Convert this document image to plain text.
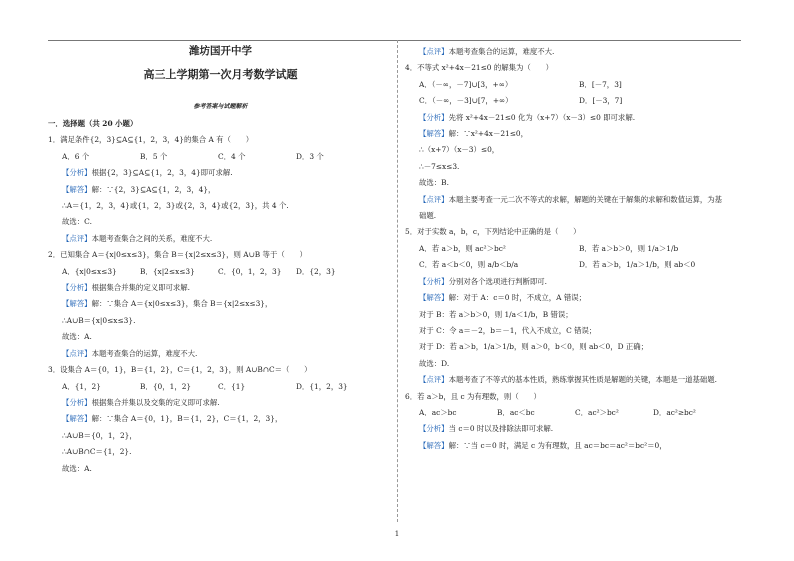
潍坊国开中学
高三上学期第一次月考数学试题
参考答案与试题解析
一．选择题（共 20 小题）
1．满足条件{2，3}⊆A⊆{1，2，3，4}的集合 A 有（　　）
A．6 个	B．5 个	C．4 个	D．3 个
【分析】根据{2，3}⊆A⊆{1，2，3，4}即可求解.
【解答】解：∵{2，3}⊆A⊆{1，2，3，4}，
∴A＝{1，2，3，4}或{1，2，3}或{2，3，4}或{2，3}，共 4 个.
故选：C.
【点评】本题考查集合之间的关系，难度不大.
2．已知集合 A＝{x|0≤x≤3}，集合 B＝{x|2≤x≤3}，则 A∪B 等于（　　）
A．{x|0≤x≤3}	B．{x|2≤x≤3}	C．{0，1，2，3}	D．{2，3}
【分析】根据集合并集的定义即可求解.
【解答】解：∵集合 A＝{x|0≤x≤3}，集合 B＝{x|2≤x≤3}，
∴A∪B＝{x|0≤x≤3}.
故选：A.
【点评】本题考查集合的运算，难度不大.
3．设集合 A＝{0，1}，B＝{1，2}，C＝{1，2，3}，则 A∪B∩C＝（　　）
A．{1，2}	B．{0，1，2}	C．{1}	D．{1，2，3}
【分析】根据集合并集以及交集的定义即可求解.
【解答】解：∵集合 A＝{0，1}，B＝{1，2}，C＝{1，2，3}，
∴A∪B＝{0，1，2}，
∴A∪B∩C＝{1，2}.
故选：A.
【点评】本题考查集合的运算，难度不大.
4．不等式 x²+4x－21≤0 的解集为（　　）
A．（－∞，－7]∪[3，+∞）	B．[－7，3]
C．（－∞，－3]∪[7，+∞）	D．[－3，7]
【分析】先将 x²+4x－21≤0 化为（x+7）（x－3）≤0 即可求解.
【解答】解：∵x²+4x－21≤0，
∴（x+7）（x－3）≤0，
∴－7≤x≤3.
故选：B.
【点评】本题主要考查一元二次不等式的求解，解题的关键在于解集的求解和数值运算，为基
础题.
5．对于实数 a，b，c，下列结论中正确的是（　　）
A．若 a＞b，则 ac²＞bc²	B．若 a＞b＞0，则 1/a＞1/b
C．若 a＜b＜0，则 a/b＜b/a	D．若 a＞b，1/a＞1/b，则 ab＜0
【分析】分别对各个选项进行判断即可.
【解答】解：对于 A：c＝0 时，不成立，A 错误；
对于 B：若 a＞b＞0，则 1/a＜1/b，B 错误；
对于 C：令 a＝－2，b＝－1，代入不成立，C 错误；
对于 D：若 a＞b，1/a＞1/b，则 a＞0，b＜0，则 ab＜0，D 正确；
故选：D.
【点评】本题考查了不等式的基本性质，熟练掌握其性质是解题的关键，本题是一道基础题.
6．若 a＞b，且 c 为有理数，则（　　）
A．ac＞bc	B．ac＜bc	C．ac²＞bc²	D．ac²≥bc²
【分析】当 c＝0 时以及排除法即可求解.
【解答】解：∵当 c＝0 时，满足 c 为有理数，且 ac＝bc＝ac²＝bc²＝0，
1
